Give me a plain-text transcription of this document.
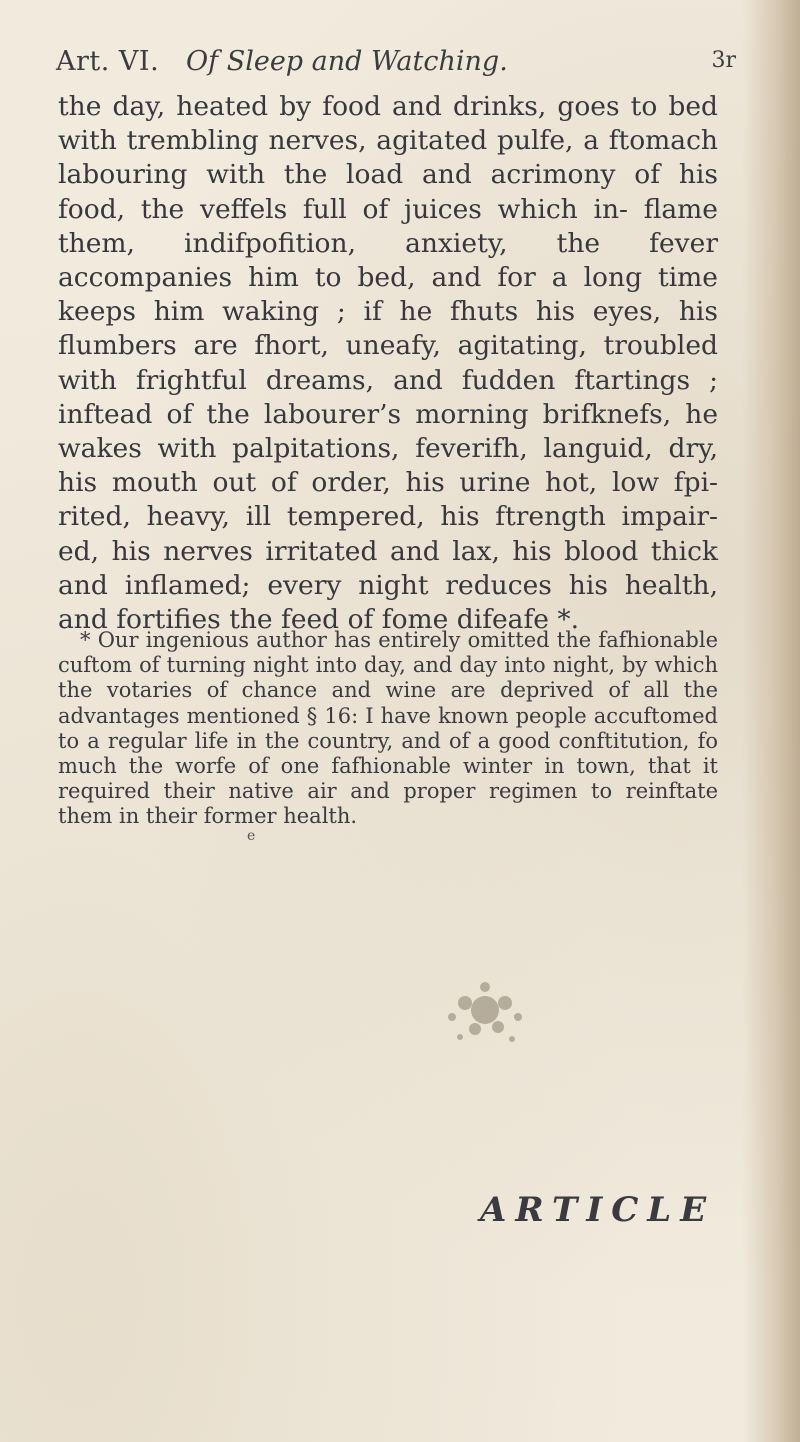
Art. VI. Of Sleep and Watching.	3r

the day, heated by food and drinks, goes to bed with trembling nerves, agitated pulfe, a ftomach labouring with the load and acrimony of his food, the veffels full of juices which in- flame them, indifpofition, anxiety, the fever accompanies him to bed, and for a long time keeps him waking ; if he fhuts his eyes, his flumbers are fhort, uneafy, agitating, troubled with frightful dreams, and fudden ftartings ; inftead of the labourer’s morning brifknefs, he wakes with palpitations, feverifh, languid, dry, his mouth out of order, his urine hot, low fpi- rited, heavy, ill tempered, his ftrength impair- ed, his nerves irritated and lax, his blood thick and inflamed; every night reduces his health, and fortifies the feed of fome difeafe *.

* Our ingenious author has entirely omitted the fafhionable cuftom of turning night into day, and day into night, by which the votaries of chance and wine are deprived of all the advantages mentioned § 16: I have known people accuftomed to a regular life in the country, and of a good conftitution, fo much the worfe of one fafhionable winter in town, that it required their native air and proper regimen to reinftate them in their former health.

e
ARTICLE
